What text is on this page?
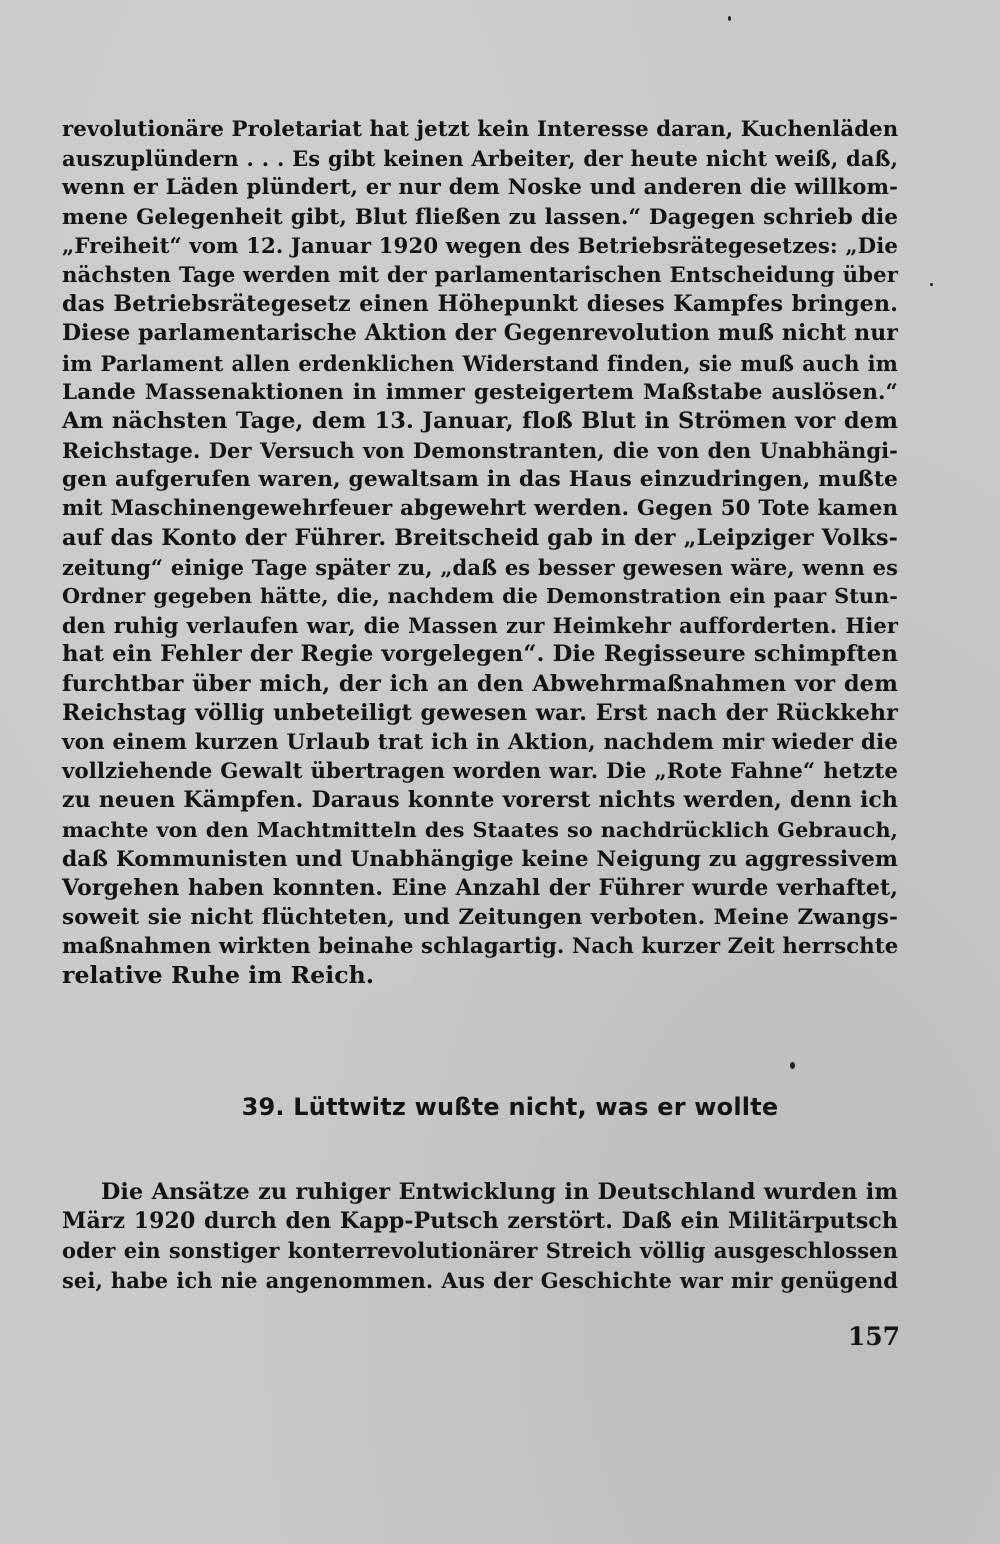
revolutionäre Proletariat hat jetzt kein Interesse daran, Kuchenläden
auszuplündern . . . Es gibt keinen Arbeiter, der heute nicht weiß, daß,
wenn er Läden plündert, er nur dem Noske und anderen die willkom-
mene Gelegenheit gibt, Blut fließen zu lassen.“ Dagegen schrieb die
„Freiheit“ vom 12. Januar 1920 wegen des Betriebsrätegesetzes: „Die
nächsten Tage werden mit der parlamentarischen Entscheidung über
das Betriebsrätegesetz einen Höhepunkt dieses Kampfes bringen.
Diese parlamentarische Aktion der Gegenrevolution muß nicht nur
im Parlament allen erdenklichen Widerstand finden, sie muß auch im
Lande Massenaktionen in immer gesteigertem Maßstabe auslösen.“
Am nächsten Tage, dem 13. Januar, floß Blut in Strömen vor dem
Reichstage. Der Versuch von Demonstranten, die von den Unabhängi-
gen aufgerufen waren, gewaltsam in das Haus einzudringen, mußte
mit Maschinengewehrfeuer abgewehrt werden. Gegen 50 Tote kamen
auf das Konto der Führer. Breitscheid gab in der „Leipziger Volks-
zeitung“ einige Tage später zu, „daß es besser gewesen wäre, wenn es
Ordner gegeben hätte, die, nachdem die Demonstration ein paar Stun-
den ruhig verlaufen war, die Massen zur Heimkehr aufforderten. Hier
hat ein Fehler der Regie vorgelegen“. Die Regisseure schimpften
furchtbar über mich, der ich an den Abwehrmaßnahmen vor dem
Reichstag völlig unbeteiligt gewesen war. Erst nach der Rückkehr
von einem kurzen Urlaub trat ich in Aktion, nachdem mir wieder die
vollziehende Gewalt übertragen worden war. Die „Rote Fahne“ hetzte
zu neuen Kämpfen. Daraus konnte vorerst nichts werden, denn ich
machte von den Machtmitteln des Staates so nachdrücklich Gebrauch,
daß Kommunisten und Unabhängige keine Neigung zu aggressivem
Vorgehen haben konnten. Eine Anzahl der Führer wurde verhaftet,
soweit sie nicht flüchteten, und Zeitungen verboten. Meine Zwangs-
maßnahmen wirkten beinahe schlagartig. Nach kurzer Zeit herrschte
relative Ruhe im Reich.
39. Lüttwitz wußte nicht, was er wollte
Die Ansätze zu ruhiger Entwicklung in Deutschland wurden im
März 1920 durch den Kapp-Putsch zerstört. Daß ein Militärputsch
oder ein sonstiger konterrevolutionärer Streich völlig ausgeschlossen
sei, habe ich nie angenommen. Aus der Geschichte war mir genügend
157
